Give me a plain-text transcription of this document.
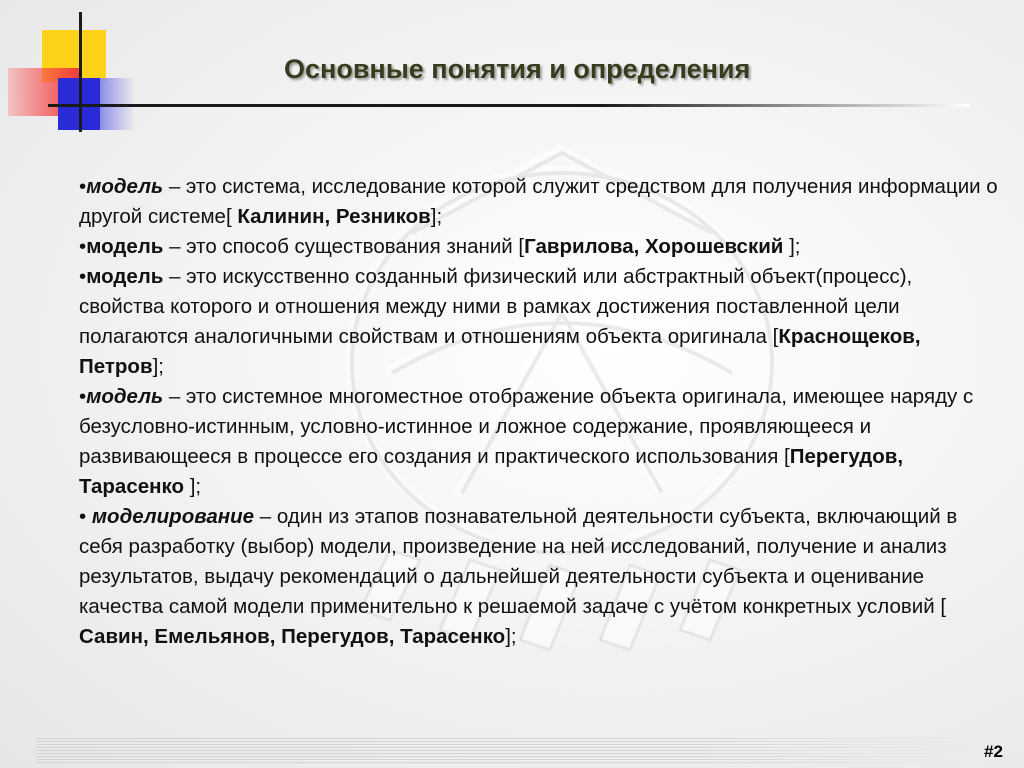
Основные понятия и определения

•модель – это система, исследование которой служит средством для получения информации о другой системе[ Калинин, Резников];

•модель – это способ существования знаний [Гаврилова, Хорошевский ];

•модель – это искусственно созданный физический или абстрактный объект(процесс), свойства которого и отношения между ними в рамках достижения поставленной цели полагаются аналогичными свойствам и отношениям объекта оригинала [Краснощеков, Петров];

•модель – это системное многоместное отображение объекта оригинала, имеющее наряду с безусловно-истинным, условно-истинное и ложное содержание, проявляющееся и развивающееся в процессе его создания и практического использования [Перегудов, Тарасенко ];

• моделирование – один из этапов познавательной деятельности субъекта, включающий в себя разработку (выбор) модели, произведение на ней исследований, получение и анализ результатов, выдачу рекомендаций о дальнейшей деятельности субъекта и оценивание качества самой модели применительно к решаемой задаче с учётом конкретных условий [ Савин, Емельянов, Перегудов, Тарасенко];

#2
